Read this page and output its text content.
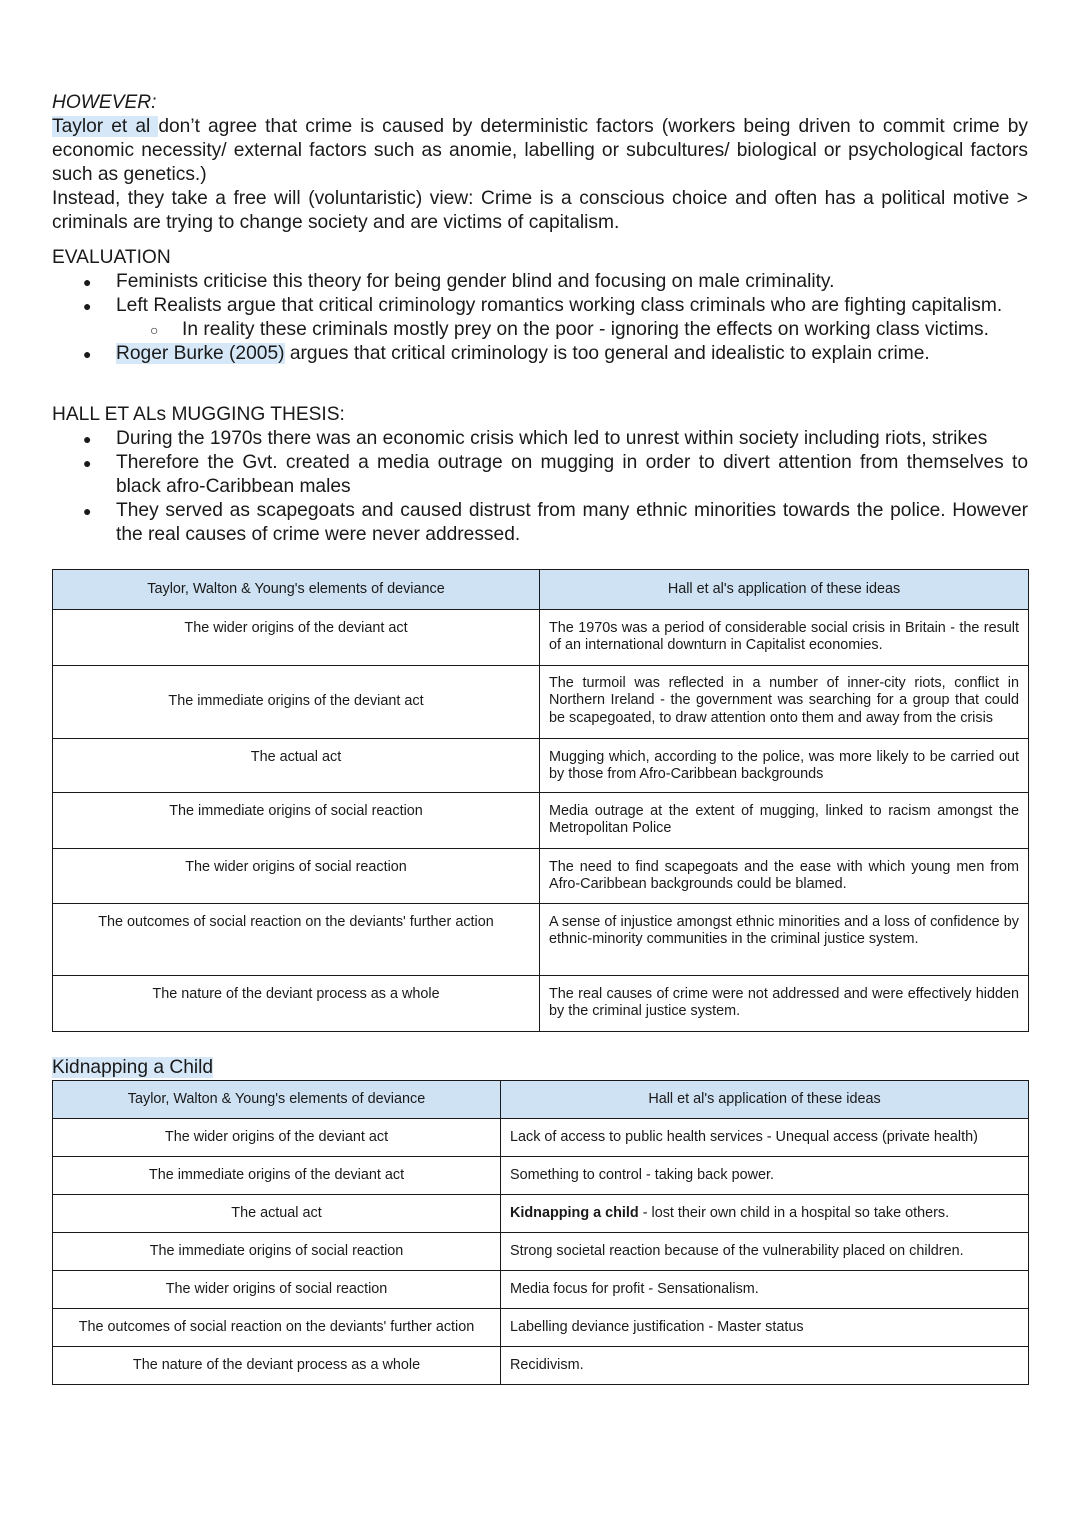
HOWEVER:

Taylor et al don’t agree that crime is caused by deterministic factors (workers being driven to commit crime by economic necessity/ external factors such as anomie, labelling or subcultures/ biological or psychological factors such as genetics.)

Instead, they take a free will (voluntaristic) view: Crime is a conscious choice and often has a political motive > criminals are trying to change society and are victims of capitalism.

EVALUATION

● Feminists criticise this theory for being gender blind and focusing on male criminality.
● Left Realists argue that critical criminology romantics working class criminals who are fighting capitalism.
○ In reality these criminals mostly prey on the poor - ignoring the effects on working class victims.
● Roger Burke (2005) argues that critical criminology is too general and idealistic to explain crime.

HALL ET ALs MUGGING THESIS:

● During the 1970s there was an economic crisis which led to unrest within society including riots, strikes
● Therefore the Gvt. created a media outrage on mugging in order to divert attention from themselves to black afro-Caribbean males
● They served as scapegoats and caused distrust from many ethnic minorities towards the police. However the real causes of crime were never addressed.
Taylor, Walton & Young's elements of deviance	Hall et al's application of these ideas
The wider origins of the deviant act	The 1970s was a period of considerable social crisis in Britain - the result of an international downturn in Capitalist economies.
The immediate origins of the deviant act	The turmoil was reflected in a number of inner-city riots, conflict in Northern Ireland - the government was searching for a group that could be scapegoated, to draw attention onto them and away from the crisis
The actual act	Mugging which, according to the police, was more likely to be carried out by those from Afro-Caribbean backgrounds
The immediate origins of social reaction	Media outrage at the extent of mugging, linked to racism amongst the Metropolitan Police
The wider origins of social reaction	The need to find scapegoats and the ease with which young men from Afro-Caribbean backgrounds could be blamed.
The outcomes of social reaction on the deviants' further action	A sense of injustice amongst ethnic minorities and a loss of confidence by ethnic-minority communities in the criminal justice system.
The nature of the deviant process as a whole	The real causes of crime were not addressed and were effectively hidden by the criminal justice system.

Kidnapping a Child

Taylor, Walton & Young's elements of deviance	Hall et al's application of these ideas
The wider origins of the deviant act	Lack of access to public health services - Unequal access (private health)
The immediate origins of the deviant act	Something to control - taking back power.
The actual act	Kidnapping a child - lost their own child in a hospital so take others.
The immediate origins of social reaction	Strong societal reaction because of the vulnerability placed on children.
The wider origins of social reaction	Media focus for profit - Sensationalism.
The outcomes of social reaction on the deviants' further action	Labelling deviance justification - Master status
The nature of the deviant process as a whole	Recidivism.
